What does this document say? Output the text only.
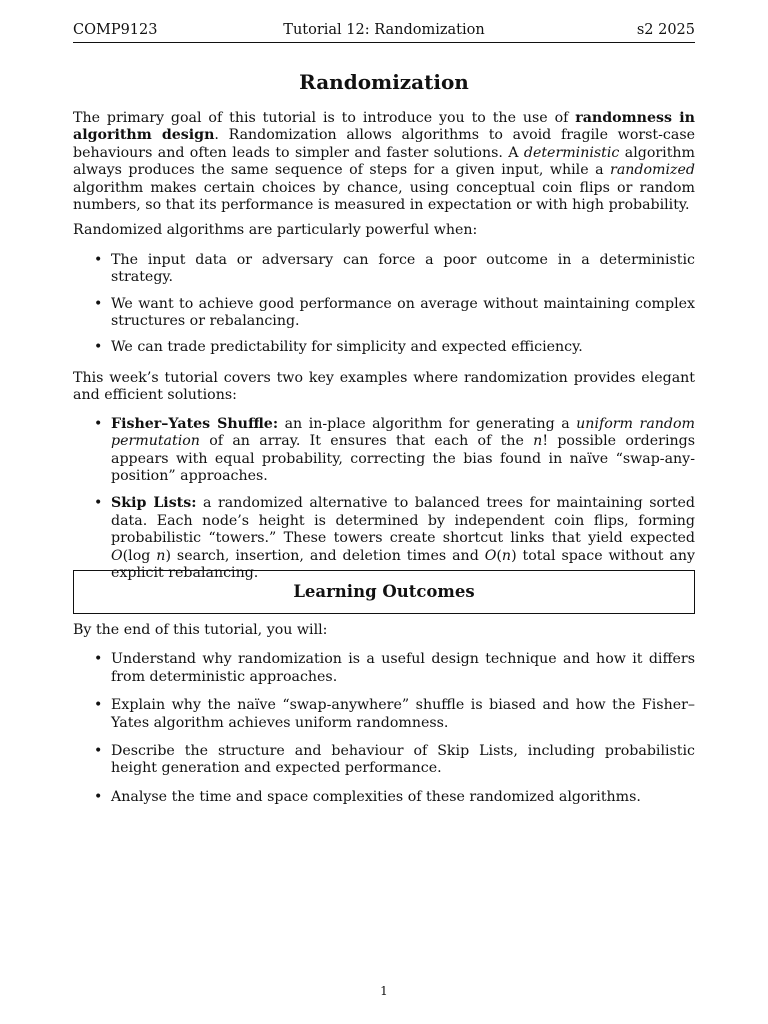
COMP9123	Tutorial 12: Randomization	s2 2025
Randomization

The primary goal of this tutorial is to introduce you to the use of randomness in algorithm design. Randomization allows algorithms to avoid fragile worst-case behaviours and often leads to simpler and faster solutions. A deterministic algorithm always produces the same sequence of steps for a given input, while a randomized algorithm makes certain choices by chance, using conceptual coin flips or random numbers, so that its performance is measured in expectation or with high probability.

Randomized algorithms are particularly powerful when:

• The input data or adversary can force a poor outcome in a deterministic strategy.
• We want to achieve good performance on average without maintaining complex structures or rebalancing.
• We can trade predictability for simplicity and expected efficiency.

This week’s tutorial covers two key examples where randomization provides elegant and efficient solutions:

• Fisher–Yates Shuffle: an in-place algorithm for generating a uniform random permutation of an array. It ensures that each of the n! possible orderings appears with equal probability, correcting the bias found in naïve “swap-any-position” approaches.
• Skip Lists: a randomized alternative to balanced trees for maintaining sorted data. Each node’s height is determined by independent coin flips, forming probabilistic “towers.” These towers create shortcut links that yield expected O(log n) search, insertion, and deletion times and O(n) total space without any explicit rebalancing.
Learning Outcomes

By the end of this tutorial, you will:

• Understand why randomization is a useful design technique and how it differs from deterministic approaches.
• Explain why the naïve “swap-anywhere” shuffle is biased and how the Fisher–Yates algorithm achieves uniform randomness.
• Describe the structure and behaviour of Skip Lists, including probabilistic height generation and expected performance.
• Analyse the time and space complexities of these randomized algorithms.
1
